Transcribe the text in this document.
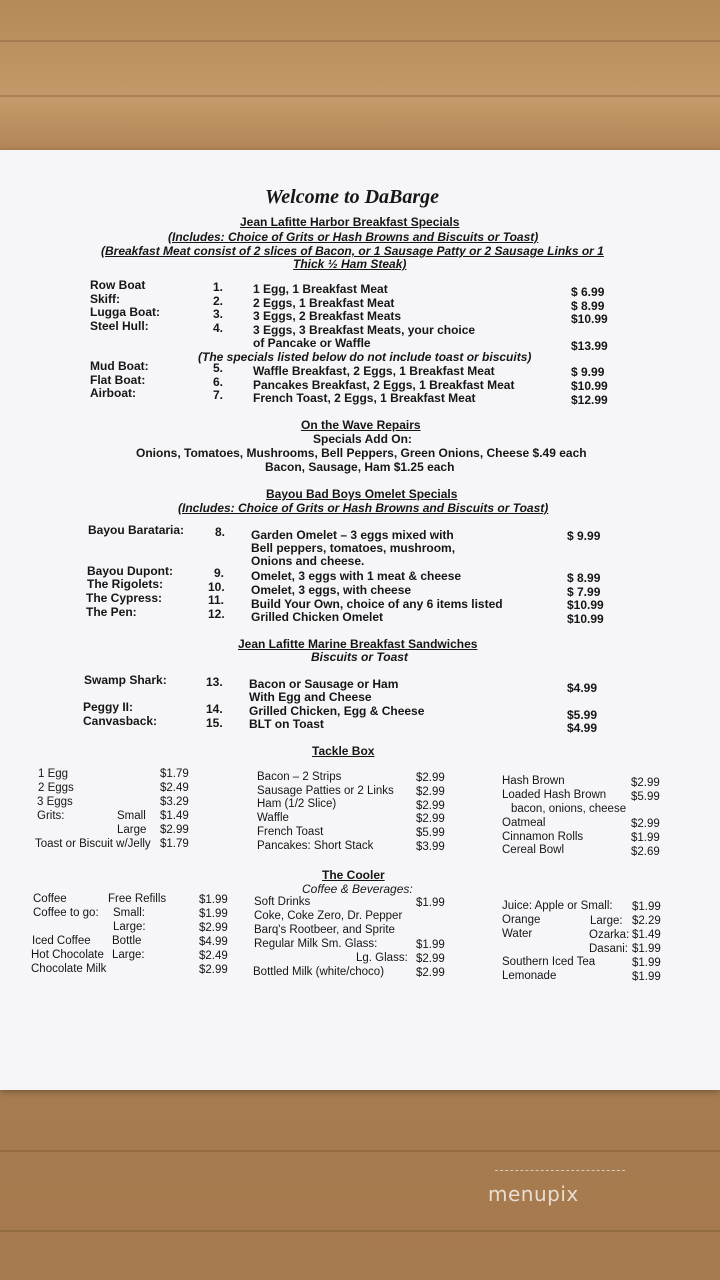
Welcome to DaBarge
Jean Lafitte Harbor Breakfast Specials
(Includes: Choice of Grits or Hash Browns and Biscuits or Toast)
(Breakfast Meat consist of 2 slices of Bacon, or 1 Sausage Patty or 2 Sausage Links or 1
Thick ½ Ham Steak)
Row Boat	1. 1 Egg, 1 Breakfast Meat	$ 6.99
Skiff:	2. 2 Eggs, 1 Breakfast Meat	$ 8.99
Lugga Boat:	3. 3 Eggs, 2 Breakfast Meats	$10.99
Steel Hull:	4. 3 Eggs, 3 Breakfast Meats, your choice
of Pancake or Waffle	$13.99
(The specials listed below do not include toast or biscuits)
Mud Boat:	5. Waffle Breakfast, 2 Eggs, 1 Breakfast Meat	$ 9.99
Flat Boat:	6. Pancakes Breakfast, 2 Eggs, 1 Breakfast Meat	$10.99
Airboat:	7. French Toast, 2 Eggs, 1 Breakfast Meat	$12.99
On the Wave Repairs
Specials Add On:
Onions, Tomatoes, Mushrooms, Bell Peppers, Green Onions, Cheese $.49 each
Bacon, Sausage, Ham $1.25 each
Bayou Bad Boys Omelet Specials
(Includes: Choice of Grits or Hash Browns and Biscuits or Toast)
Bayou Barataria:	8. Garden Omelet – 3 eggs mixed with
Bell peppers, tomatoes, mushroom,
Onions and cheese.
$ 9.99
Bayou Dupont:	9. Omelet, 3 eggs with 1 meat & cheese	$ 8.99
The Rigolets:	10. Omelet, 3 eggs, with cheese	$ 7.99
The Cypress:	11. Build Your Own, choice of any 6 items listed	$10.99
The Pen:	12. Grilled Chicken Omelet	$10.99
Jean Lafitte Marine Breakfast Sandwiches
Biscuits or Toast
Swamp Shark:	13. Bacon or Sausage or Ham
With Egg and Cheese
$4.99
Peggy II:	14. Grilled Chicken, Egg & Cheese	$5.99
Canvasback:	15. BLT on Toast	$4.99
Tackle Box
1 Egg	$1.79
2 Eggs	$2.49
3 Eggs	$3.29
Grits:	Small $1.49
Large $2.99
Toast or Biscuit w/Jelly $1.79
Bacon – 2 Strips	$2.99
Sausage Patties or 2 Links $2.99
Ham (1/2 Slice)	$2.99
Waffle	$2.99
French Toast	$5.99
Pancakes: Short Stack	$3.99
Hash Brown	$2.99
Loaded Hash Brown $5.99
bacon, onions, cheese
Oatmeal	$2.99
Cinnamon Rolls	$1.99
Cereal Bowl	$2.69
The Cooler
Coffee & Beverages:
Coffee	Free Refills	$1.99
Coffee to go: Small:	$1.99
Large:	$2.99
Iced Coffee Bottle	$4.99
Hot Chocolate Large:	$2.49
Chocolate Milk	$2.99
Soft Drinks	$1.99
Coke, Coke Zero, Dr. Pepper
Barq's Rootbeer, and Sprite
Regular Milk Sm. Glass:	$1.99
Lg. Glass: $2.99
Bottled Milk (white/choco)	$2.99
Juice: Apple or Small: $1.99
Orange	Large: $2.29
Water	Ozarka: $1.49
Dasani: $1.99
Southern Iced Tea	$1.99
Lemonade	$1.99
menupix
